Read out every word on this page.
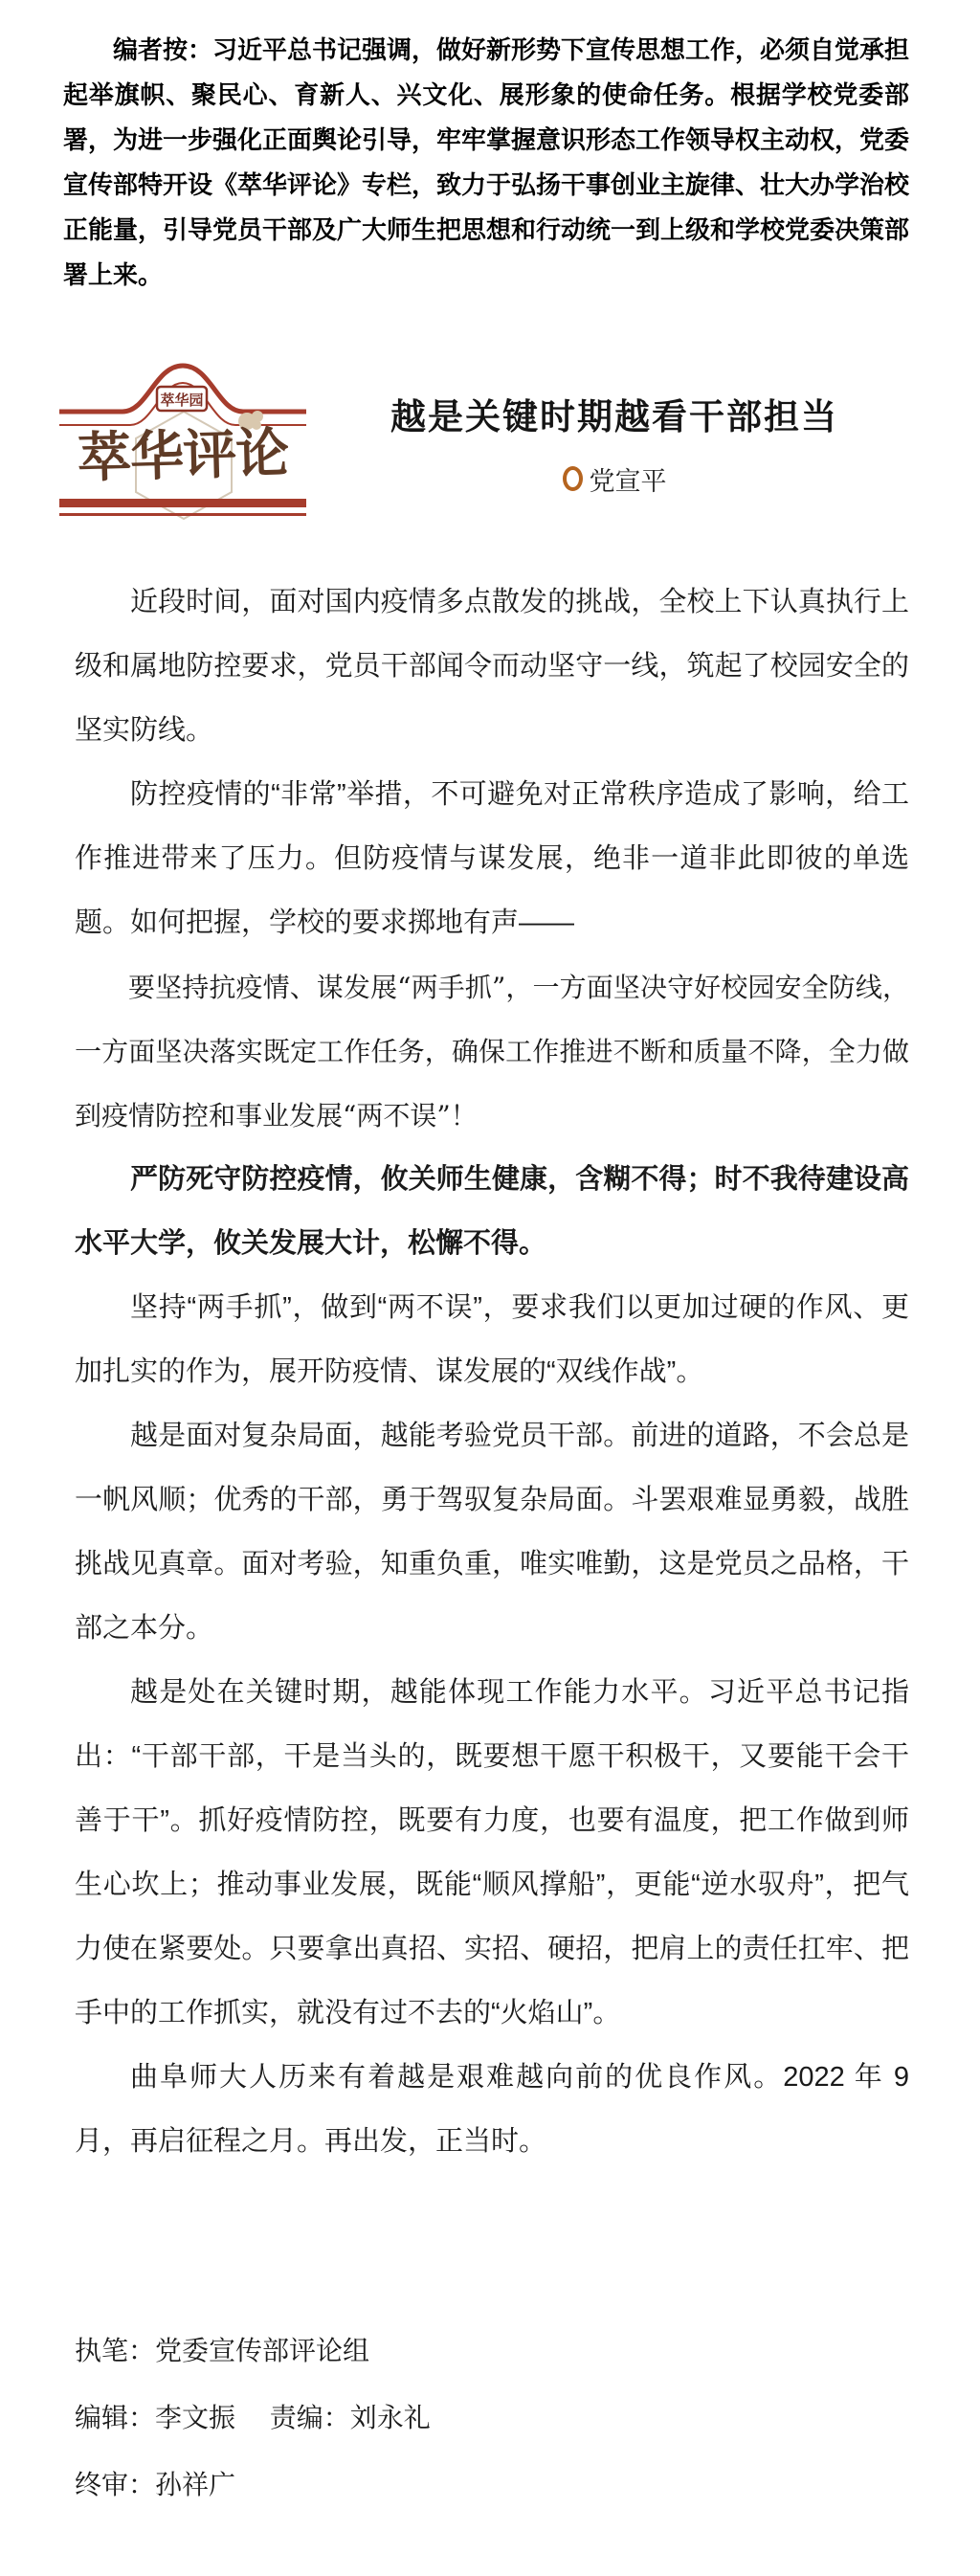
编者按：习近平总书记强调，做好新形势下宣传思想工作，必须自觉承担起举旗帜、聚民心、育新人、兴文化、展形象的使命任务。根据学校党委部署，为进一步强化正面舆论引导，牢牢掌握意识形态工作领导权主动权，党委宣传部特开设《萃华评论》专栏，致力于弘扬干事创业主旋律、壮大办学治校正能量，引导党员干部及广大师生把思想和行动统一到上级和学校党委决策部署上来。

萃华园
萃华评论
越是关键时期越看干部担当
党宣平

近段时间，面对国内疫情多点散发的挑战，全校上下认真执行上级和属地防控要求，党员干部闻令而动坚守一线，筑起了校园安全的坚实防线。

防控疫情的“非常”举措，不可避免对正常秩序造成了影响，给工作推进带来了压力。但防疫情与谋发展，绝非一道非此即彼的单选题。如何把握，学校的要求掷地有声——

要坚持抗疫情、谋发展“两手抓”，一方面坚决守好校园安全防线，一方面坚决落实既定工作任务，确保工作推进不断和质量不降，全力做到疫情防控和事业发展“两不误”！

严防死守防控疫情，攸关师生健康，含糊不得；时不我待建设高水平大学，攸关发展大计，松懈不得。

坚持“两手抓”，做到“两不误”，要求我们以更加过硬的作风、更加扎实的作为，展开防疫情、谋发展的“双线作战”。

越是面对复杂局面，越能考验党员干部。前进的道路，不会总是一帆风顺；优秀的干部，勇于驾驭复杂局面。斗罢艰难显勇毅，战胜挑战见真章。面对考验，知重负重，唯实唯勤，这是党员之品格，干部之本分。

越是处在关键时期，越能体现工作能力水平。习近平总书记指出：“干部干部，干是当头的，既要想干愿干积极干，又要能干会干善于干”。抓好疫情防控，既要有力度，也要有温度，把工作做到师生心坎上；推动事业发展，既能“顺风撑船”，更能“逆水驭舟”，把气力使在紧要处。只要拿出真招、实招、硬招，把肩上的责任扛牢、把手中的工作抓实，就没有过不去的“火焰山”。

曲阜师大人历来有着越是艰难越向前的优良作风。2022 年 9 月，再启征程之月。再出发，正当时。

执笔：党委宣传部评论组
编辑：李文振　 责编：刘永礼
终审：孙祥广
